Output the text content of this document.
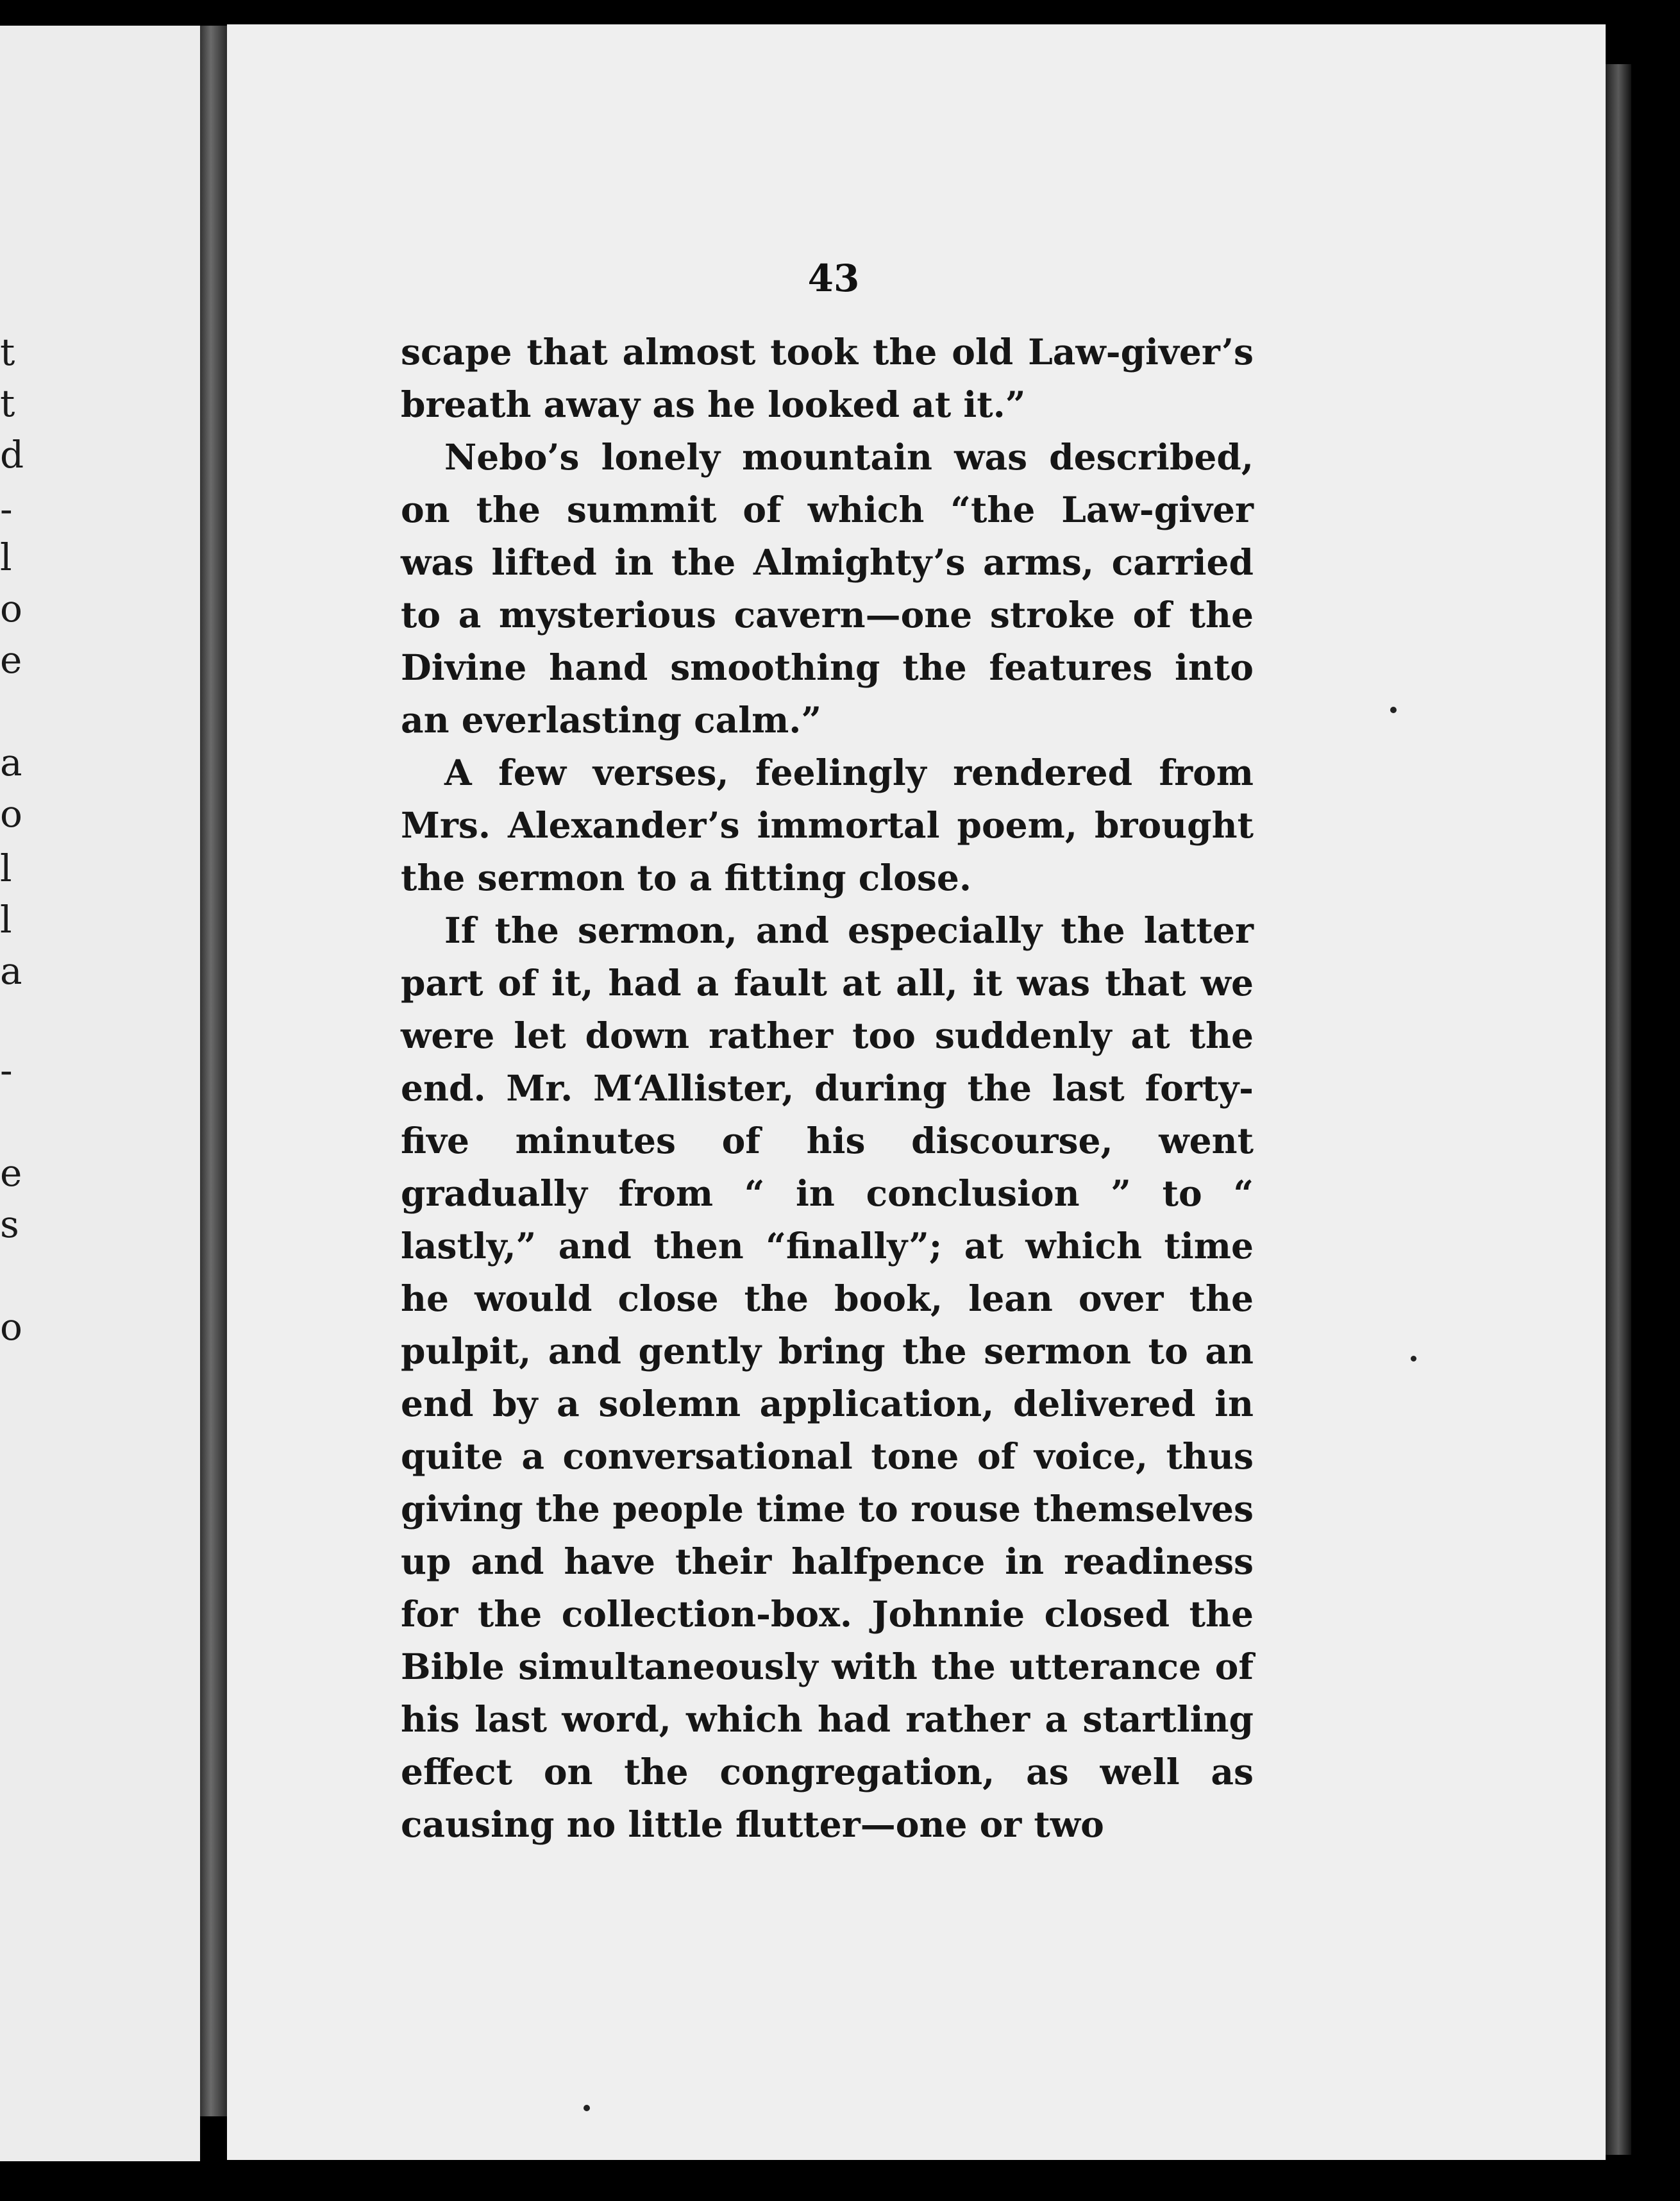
t
t
d
-
l
o
e
a
o
l
l
a
-
e
s
o
43

scape that almost took the old Law-giver’s breath away as he looked at it.”

Nebo’s lonely mountain was described, on the summit of which “the Law-giver was lifted in the Almighty’s arms, carried to a mysterious cavern—one stroke of the Divine hand smoothing the features into an everlasting calm.”

A few verses, feelingly rendered from Mrs. Alexander’s immortal poem, brought the sermon to a fitting close.

If the sermon, and especially the latter part of it, had a fault at all, it was that we were let down rather too suddenly at the end. Mr. M‘Allister, during the last forty-five minutes of his discourse, went gradually from “ in conclusion ” to “ lastly,” and then “finally”; at which time he would close the book, lean over the pulpit, and gently bring the sermon to an end by a solemn application, delivered in quite a conversational tone of voice, thus giving the people time to rouse themselves up and have their halfpence in readiness for the collection-box. Johnnie closed the Bible simultaneously with the utterance of his last word, which had rather a startling effect on the congregation, as well as causing no little flutter—one or two
